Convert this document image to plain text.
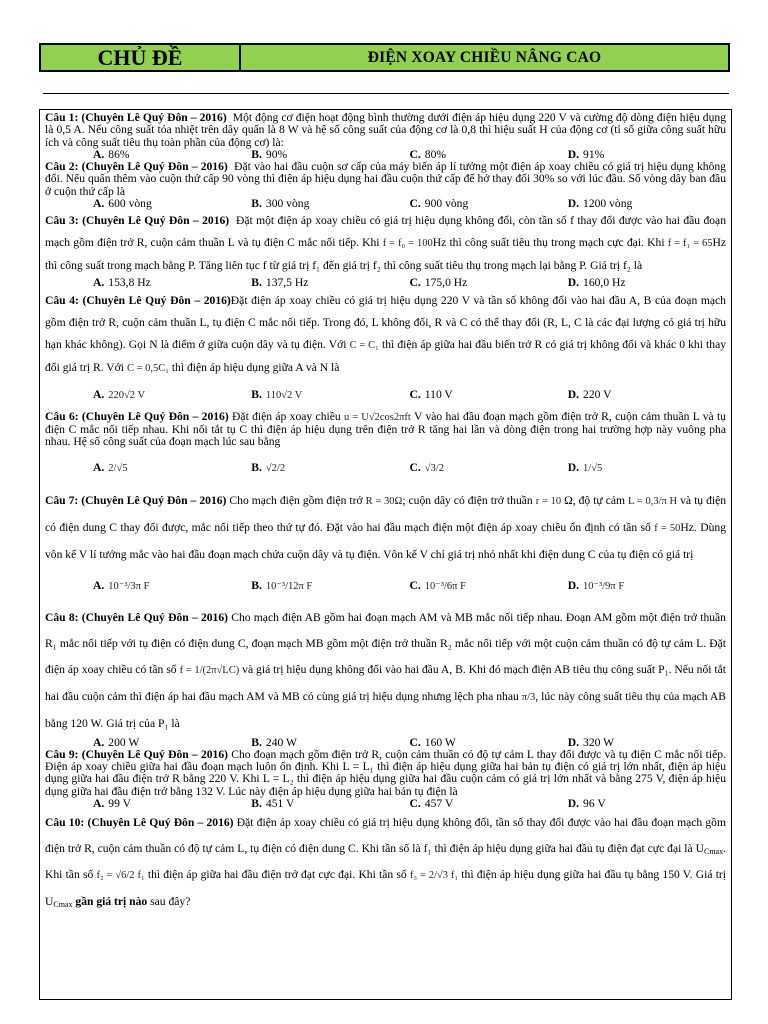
CHỦ ĐỀ	ĐIỆN XOAY CHIỀU NÂNG CAO

Câu 1: (Chuyên Lê Quý Đôn – 2016) Một động cơ điện hoạt động bình thường dưới điện áp hiệu dụng 220 V và cường độ dòng điện hiệu dụng là 0,5 A. Nếu công suất tỏa nhiệt trên dây quấn là 8 W và hệ số công suất của động cơ là 0,8 thì hiệu suất H của động cơ (tỉ số giữa công suất hữu ích và công suất tiêu thụ toàn phần của động cơ) là:

A. 86%	B. 90%	C. 80%	D. 91%

Câu 2: (Chuyên Lê Quý Đôn – 2016) Đặt vào hai đầu cuộn sơ cấp của máy biến áp lí tưởng một điện áp xoay chiều có giá trị hiệu dụng không đổi. Nếu quấn thêm vào cuộn thứ cấp 90 vòng thì điện áp hiệu dụng hai đầu cuộn thứ cấp để hở thay đổi 30% so với lúc đầu. Số vòng dây ban đầu ở cuộn thứ cấp là

A. 600 vòng	B. 300 vòng	C. 900 vòng	D. 1200 vòng

Câu 3: (Chuyên Lê Quý Đôn – 2016) Đặt một điện áp xoay chiều có giá trị hiệu dụng không đổi, còn tần số f thay đổi được vào hai đầu đoạn mạch gồm điện trở R, cuộn cảm thuần L và tụ điện C mắc nối tiếp. Khi f = f₀ = 100Hz thì công suất tiêu thụ trong mạch cực đại. Khi f = f₁ = 65Hz thì công suất trong mạch bằng P. Tăng liên tục f từ giá trị f₁ đến giá trị f₂ thì công suất tiêu thụ trong mạch lại bằng P. Giá trị f₂ là

A. 153,8 Hz	B. 137,5 Hz	C. 175,0 Hz	D. 160,0 Hz

Câu 4: (Chuyên Lê Quý Đôn – 2016)Đặt điện áp xoay chiều có giá trị hiệu dụng 220 V và tần số không đổi vào hai đầu A, B của đoạn mạch gồm điện trở R, cuộn cảm thuần L, tụ điện C mắc nối tiếp. Trong đó, L không đổi, R và C có thể thay đổi (R, L, C là các đại lượng có giá trị hữu hạn khác không). Gọi N là điểm ở giữa cuộn dây và tụ điện. Với C = C₁ thì điện áp giữa hai đầu biến trở R có giá trị không đổi và khác 0 khi thay đổi giá trị R. Với C = 0,5C₁ thì điện áp hiệu dụng giữa A và N là

A. 220√2 V	B. 110√2 V	C. 110 V	D. 220 V

Câu 6: (Chuyên Lê Quý Đôn – 2016) Đặt điện áp xoay chiều u = U√2cos2πft V vào hai đầu đoạn mạch gồm điện trở R, cuộn cảm thuần L và tụ điện C mắc nối tiếp nhau. Khi nối tắt tụ C thì điện áp hiệu dụng trên điện trở R tăng hai lần và dòng điện trong hai trường hợp này vuông pha nhau. Hệ số công suất của đoạn mạch lúc sau bằng

A. 2/√5	B. √2/2	C. √3/2	D. 1/√5

Câu 7: (Chuyên Lê Quý Đôn – 2016) Cho mạch điện gồm điện trở R = 30Ω; cuộn dây có điện trở thuần r = 10 Ω, độ tự cảm L = 0,3/π H và tụ điện có điện dung C thay đổi được, mắc nối tiếp theo thứ tự đó. Đặt vào hai đầu mạch điện một điện áp xoay chiều ổn định có tần số f = 50Hz. Dùng vôn kế V lí tưởng mắc vào hai đầu đoạn mạch chứa cuộn dây và tụ điện. Vôn kế V chỉ giá trị nhỏ nhất khi điện dung C của tụ điện có giá trị

A. 10⁻³/3π F	B. 10⁻³/12π F	C. 10⁻³/6π F	D. 10⁻³/9π F

Câu 8: (Chuyên Lê Quý Đôn – 2016) Cho mạch điện AB gồm hai đoạn mạch AM và MB mắc nối tiếp nhau. Đoạn AM gồm một điện trở thuần R₁ mắc nối tiếp với tụ điện có điện dung C, đoạn mạch MB gồm một điện trở thuần R₂ mắc nối tiếp với một cuộn cảm thuần có độ tự cảm L. Đặt điện áp xoay chiều có tần số f = 1/(2π√LC) và giá trị hiệu dụng không đổi vào hai đầu A, B. Khi đó mạch điện AB tiêu thụ công suất P₁. Nếu nối tắt hai đầu cuộn cảm thì điện áp hai đầu mạch AM và MB có cùng giá trị hiệu dụng nhưng lệch pha nhau π/3, lúc này công suất tiêu thụ của mạch AB bằng 120 W. Giá trị của P₁ là

A. 200 W	B. 240 W	C. 160 W	D. 320 W

Câu 9: (Chuyên Lê Quý Đôn – 2016) Cho đoạn mạch gồm điện trở R, cuộn cảm thuần có độ tự cảm L thay đổi được và tụ điện C mắc nối tiếp. Điện áp xoay chiều giữa hai đầu đoạn mạch luôn ổn định. Khi L = L₁ thì điện áp hiệu dụng giữa hai bản tụ điện có giá trị lớn nhất, điện áp hiệu dụng giữa hai đầu điện trở R bằng 220 V. Khi L = L₂ thì điện áp hiệu dụng giữa hai đầu cuộn cảm có giá trị lớn nhất và bằng 275 V, điện áp hiệu dụng giữa hai đầu điện trở bằng 132 V. Lúc này điện áp hiệu dụng giữa hai bản tụ điện là

A. 99 V	B. 451 V	C. 457 V	D. 96 V

Câu 10: (Chuyên Lê Quý Đôn – 2016) Đặt điện áp xoay chiều có giá trị hiệu dụng không đổi, tần số thay đổi được vào hai đầu đoạn mạch gồm điện trở R, cuộn cảm thuần có độ tự cảm L, tụ điện có điện dung C. Khi tần số là f₁ thì điện áp hiệu dụng giữa hai đầu tụ điện đạt cực đại là $U_{Cmax}$. Khi tần số f₂ = √6/2 f₁ thì điện áp giữa hai đầu điện trở đạt cực đại. Khi tần số f₃ = 2/√3 f₁ thì điện áp hiệu dụng giữa hai đầu tụ bằng 150 V. Giá trị $U_{Cmax}$ gần giá trị nào sau đây?
